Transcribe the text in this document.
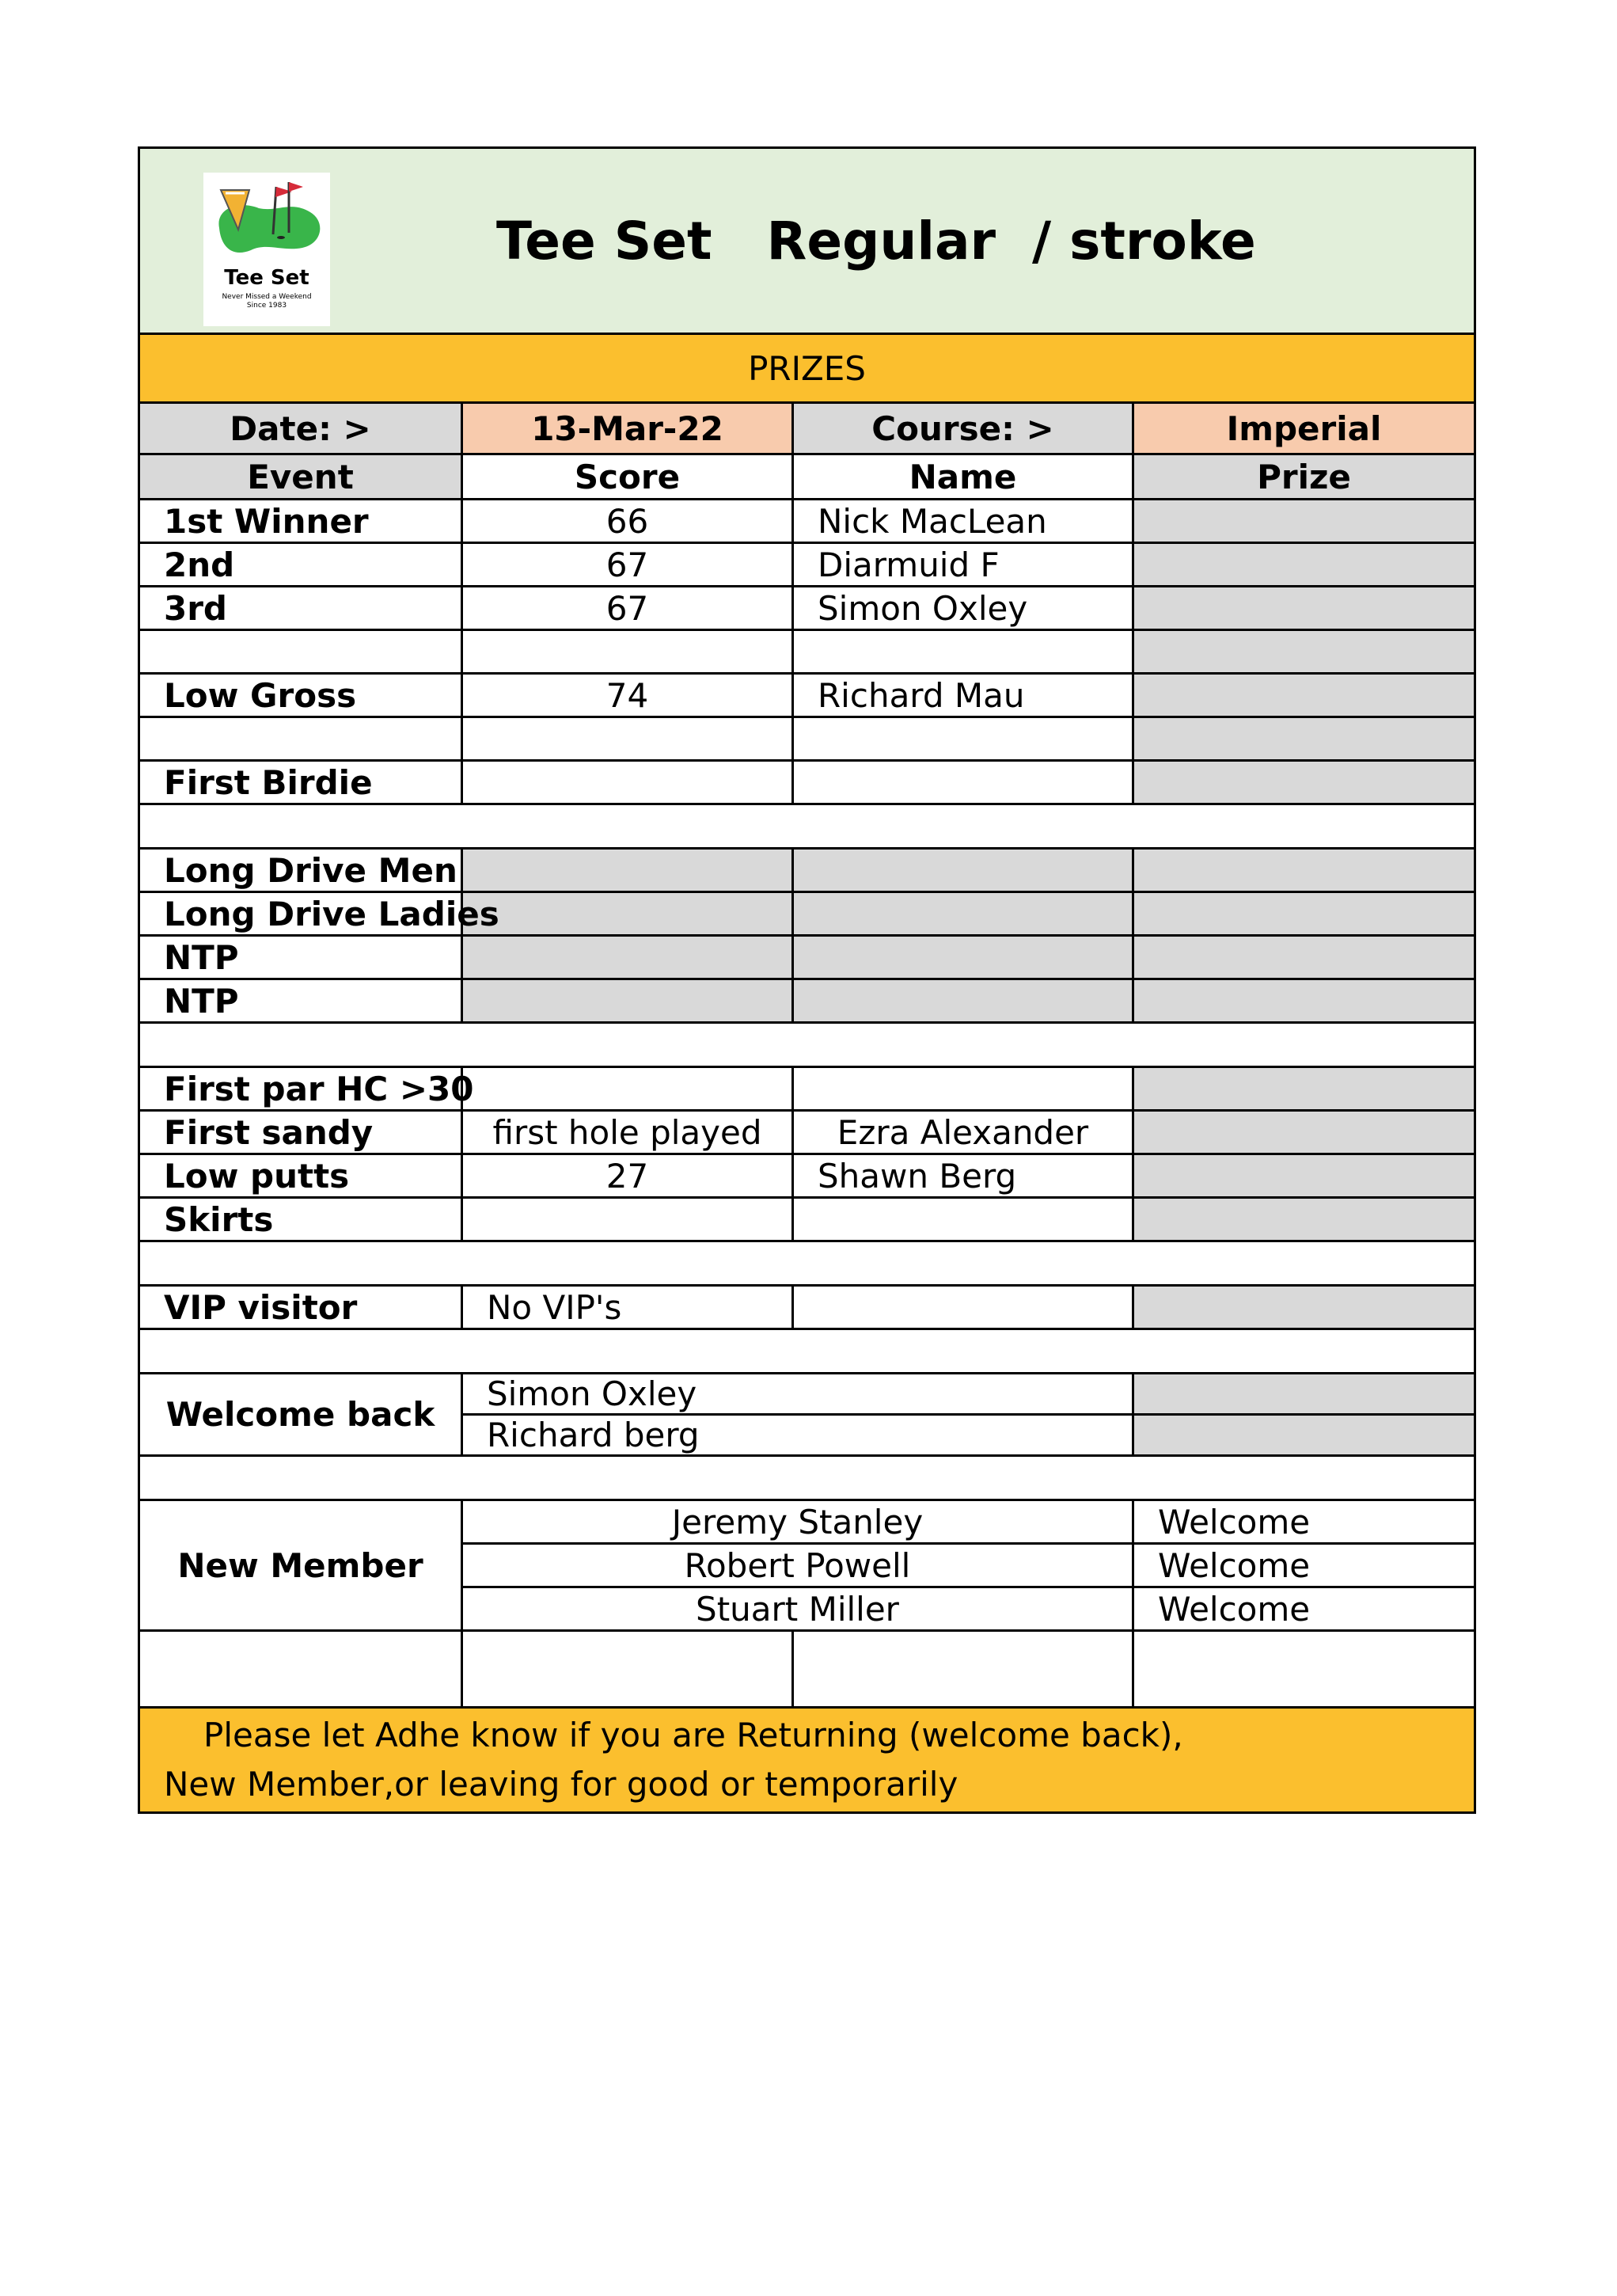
Tee Set
Never Missed a Weekend
Since 1983
Tee Set   Regular  / stroke			

PRIZES			
Date: >	13-Mar-22	Course: >	Imperial
Event	Score	Name	Prize
1st Winner	66	Nick MacLean	
2nd	67	Diarmuid F	
3rd	67	Simon Oxley	

Low Gross	74	Richard Mau	

First Birdie			

Long Drive Men			
Long Drive Ladies			
NTP			
NTP			

First par HC >30			
First sandy	first hole played	Ezra Alexander	
Low putts	27	Shawn Berg	
Skirts			

VIP visitor	No VIP's		

Welcome back	Simon Oxley		
	Richard berg		

New Member	Jeremy Stanley		Welcome
	Robert Powell		Welcome
	Stuart Miller		Welcome

Please let Adhe know if you are Returning (welcome back),
New Member,or leaving for good or temporarily			
